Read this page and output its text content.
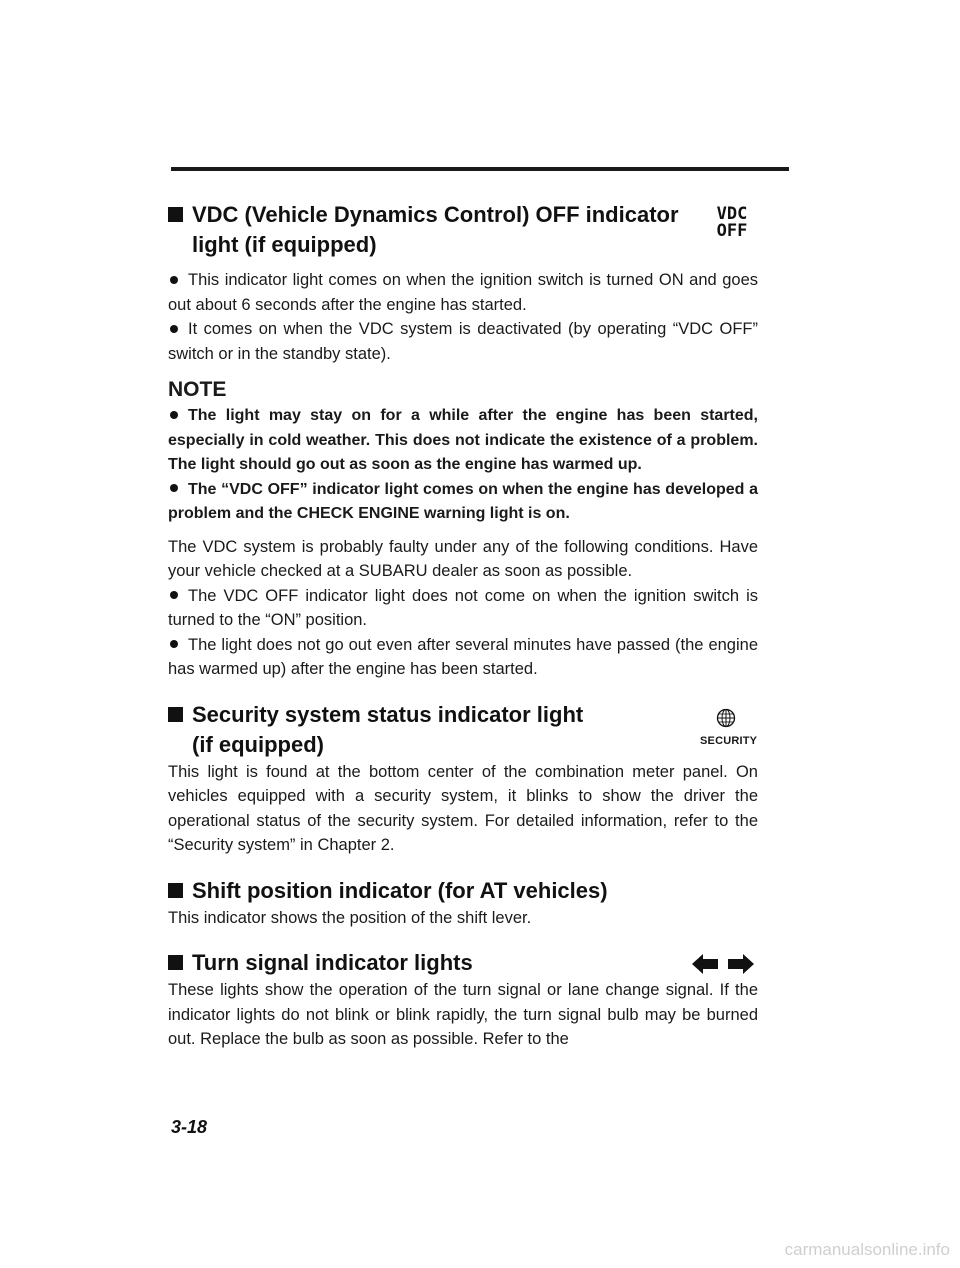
VDC (Vehicle Dynamics Control) OFF indicator
light (if equipped)
VDC
OFF

This indicator light comes on when the ignition switch is turned ON and goes out about 6 seconds after the engine has started.

It comes on when the VDC system is deactivated (by operating “VDC OFF” switch or in the standby state).

NOTE

The light may stay on for a while after the engine has been started, especially in cold weather. This does not indicate the existence of a problem. The light should go out as soon as the engine has warmed up.

The “VDC OFF” indicator light comes on when the engine has developed a problem and the CHECK ENGINE warning light is on.

The VDC system is probably faulty under any of the following conditions. Have your vehicle checked at a SUBARU dealer as soon as possible.

The VDC OFF indicator light does not come on when the ignition switch is turned to the “ON” position.

The light does not go out even after several minutes have passed (the engine has warmed up) after the engine has been started.

Security system status indicator light
(if equipped)	SECURITY

This light is found at the bottom center of the combination meter panel. On vehicles equipped with a security system, it blinks to show the driver the operational status of the security system. For detailed information, refer to the “Security system” in Chapter 2.

Shift position indicator (for AT vehicles)

This indicator shows the position of the shift lever.

Turn signal indicator lights

These lights show the operation of the turn signal or lane change signal. If the indicator lights do not blink or blink rapidly, the turn signal bulb may be burned out. Replace the bulb as soon as possible. Refer to the

3-18
carmanualsonline.info
